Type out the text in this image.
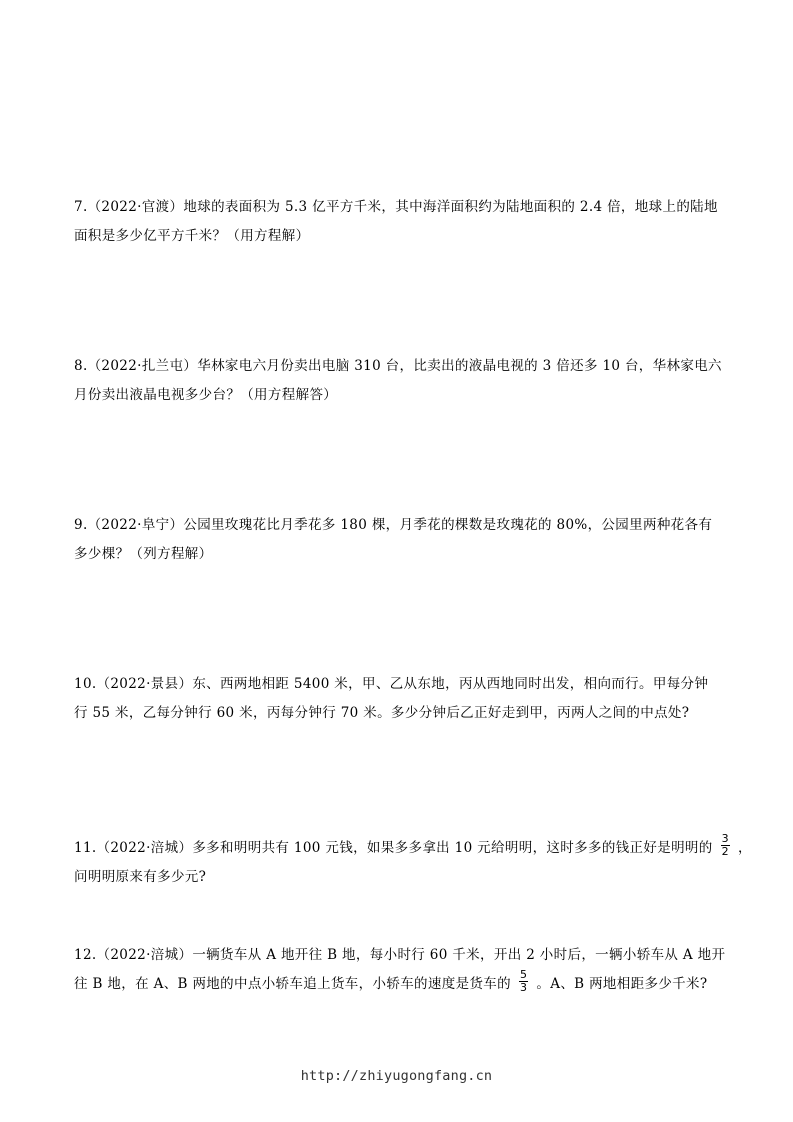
7.（2022·官渡）地球的表面积为 5.3 亿平方千米，其中海洋面积约为陆地面积的 2.4 倍，地球上的陆地
面积是多少亿平方千米？（用方程解）
8.（2022·扎兰屯）华林家电六月份卖出电脑 310 台，比卖出的液晶电视的 3 倍还多 10 台，华林家电六
月份卖出液晶电视多少台？（用方程解答）
9.（2022·阜宁）公园里玫瑰花比月季花多 180 棵，月季花的棵数是玫瑰花的 80%，公园里两种花各有
多少棵？（列方程解）
10.（2022·景县）东、西两地相距 5400 米，甲、乙从东地，丙从西地同时出发，相向而行。甲每分钟
行 55 米，乙每分钟行 60 米，丙每分钟行 70 米。多少分钟后乙正好走到甲，丙两人之间的中点处?
11.（2022·涪城）多多和明明共有 100 元钱，如果多多拿出 10 元给明明，这时多多的钱正好是明明的 $\frac{3}{2}$ ，
问明明原来有多少元?
12.（2022·涪城）一辆货车从 A 地开往 B 地，每小时行 60 千米，开出 2 小时后，一辆小轿车从 A 地开
往 B 地，在 A、B 两地的中点小轿车追上货车，小轿车的速度是货车的 $\frac{5}{3}$ 。A、B 两地相距多少千米?
http://zhiyugongfang.cn
